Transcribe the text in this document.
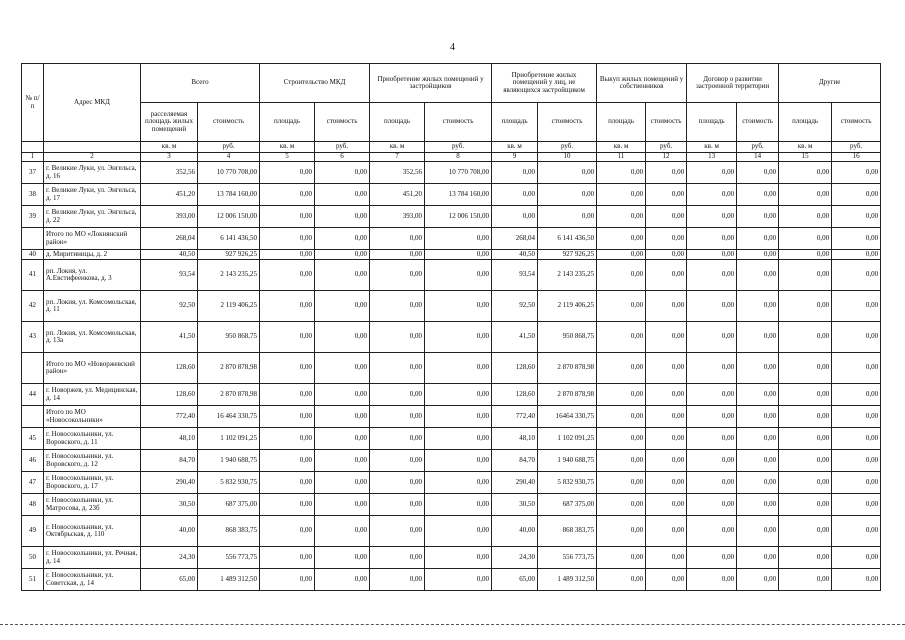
4
№ п/п	Адрес МКД	Всего		Строительство МКД		Приобретение жилых помещений у застройщиков		Приобретение жилых помещений у лиц, не являющихся застройщиком		Выкуп жилых помещений у собственников		Договор о развитии застроенной территории		Другие	
		расселяемая площадь жилых помещений	стоимость	площадь	стоимость	площадь	стоимость	площадь	стоимость	площадь	стоимость	площадь	стоимость	площадь	стоимость
		кв. м	руб.	кв. м	руб.	кв. м	руб.	кв. м	руб.	кв. м	руб.	кв. м	руб.	кв. м	руб.
1	2	3	4	5	6	7	8	9	10	11	12	13	14	15	16
37	г. Великие Луки, ул. Энгельса, д. 16	352,56	10 770 708,00	0,00	0,00	352,56	10 770 708,00	0,00	0,00	0,00	0,00	0,00	0,00	0,00	0,00
38	г. Великие Луки, ул. Энгельса, д. 17	451,20	13 784 160,00	0,00	0,00	451,20	13 784 160,00	0,00	0,00	0,00	0,00	0,00	0,00	0,00	0,00
39	г. Великие Луки, ул. Энгельса, д. 22	393,00	12 006 150,00	0,00	0,00	393,00	12 006 150,00	0,00	0,00	0,00	0,00	0,00	0,00	0,00	0,00
	Итого по МО «Локнянский район»	268,04	6 141 436,50	0,00	0,00	0,00	0,00	268,04	6 141 436,50	0,00	0,00	0,00	0,00	0,00	0,00
40	д. Миритиницы, д. 2	40,50	927 926,25	0,00	0,00	0,00	0,00	40,50	927 926,25	0,00	0,00	0,00	0,00	0,00	0,00
41	рп. Локня, ул. А.Евстифеенкова, д. 3	93,54	2 143 235,25	0,00	0,00	0,00	0,00	93,54	2 143 235,25	0,00	0,00	0,00	0,00	0,00	0,00
42	рп. Локня, ул. Комсомольская, д. 11	92,50	2 119 406,25	0,00	0,00	0,00	0,00	92,50	2 119 406,25	0,00	0,00	0,00	0,00	0,00	0,00
43	рп. Локня, ул. Комсомольская, д. 13а	41,50	950 868,75	0,00	0,00	0,00	0,00	41,50	950 868,75	0,00	0,00	0,00	0,00	0,00	0,00
	Итого по МО «Новоржевский район»	128,60	2 870 878,98	0,00	0,00	0,00	0,00	128,60	2 870 878,98	0,00	0,00	0,00	0,00	0,00	0,00
44	г. Новоржев, ул. Медицинская, д. 14	128,60	2 870 878,98	0,00	0,00	0,00	0,00	128,60	2 870 878,98	0,00	0,00	0,00	0,00	0,00	0,00
	Итого по МО «Новосокольники»	772,40	16 464 330,75	0,00	0,00	0,00	0,00	772,40	16464 330,75	0,00	0,00	0,00	0,00	0,00	0,00
45	г. Новосокольники, ул. Воровского, д. 11	48,10	1 102 091,25	0,00	0,00	0,00	0,00	48,10	1 102 091,25	0,00	0,00	0,00	0,00	0,00	0,00
46	г. Новосокольники, ул. Воровского, д. 12	84,70	1 940 688,75	0,00	0,00	0,00	0,00	84,70	1 940 688,75	0,00	0,00	0,00	0,00	0,00	0,00
47	г. Новосокольники, ул. Воровского, д. 17	290,40	5 832 930,75	0,00	0,00	0,00	0,00	290,40	5 832 930,75	0,00	0,00	0,00	0,00	0,00	0,00
48	г. Новосокольники, ул. Матросова, д. 23б	30,50	687 375,00	0,00	0,00	0,00	0,00	30,50	687 375,00	0,00	0,00	0,00	0,00	0,00	0,00
49	г. Новосокольники, ул. Октябрьская, д. 110	40,00	868 383,75	0,00	0,00	0,00	0,00	40,00	868 383,75	0,00	0,00	0,00	0,00	0,00	0,00
50	г. Новосокольники, ул. Речная, д. 14	24,30	556 773,75	0,00	0,00	0,00	0,00	24,30	556 773,75	0,00	0,00	0,00	0,00	0,00	0,00
51	г. Новосокольники, ул. Советская, д. 14	65,00	1 489 312,50	0,00	0,00	0,00	0,00	65,00	1 489 312,50	0,00	0,00	0,00	0,00	0,00	0,00
